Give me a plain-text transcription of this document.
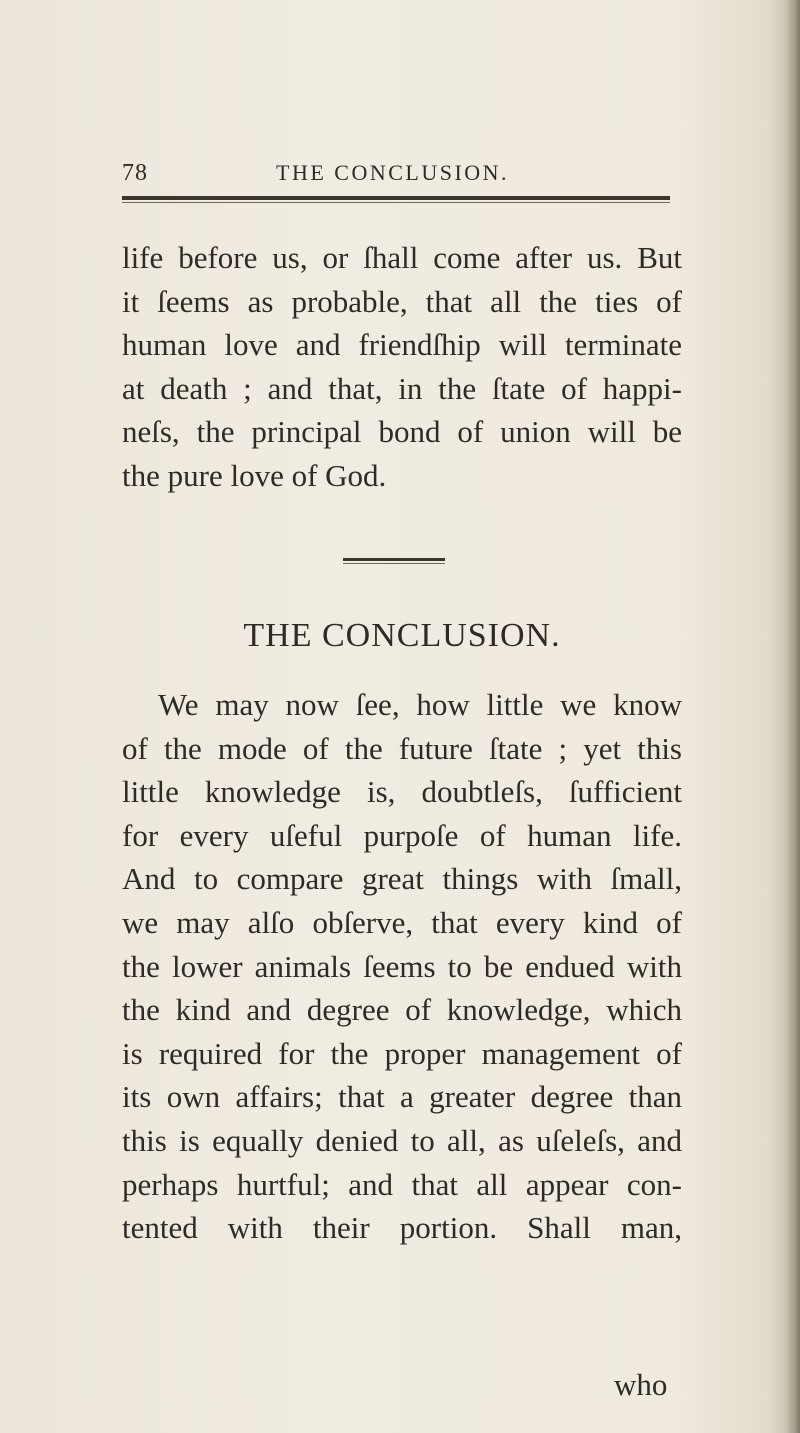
78	THE CONCLUSION.
life before us, or ſhall come after us. But
it ſeems as probable, that all the ties of
human love and friendſhip will terminate
at death ; and that, in the ſtate of happi-
neſs, the principal bond of union will be
the pure love of God.
THE CONCLUSION.
We may now ſee, how little we know
of the mode of the future ſtate ; yet this
little knowledge is, doubtleſs, ſufficient
for every uſeful purpoſe of human life.
And to compare great things with ſmall,
we may alſo obſerve, that every kind of
the lower animals ſeems to be endued with
the kind and degree of knowledge, which
is required for the proper management of
its own affairs; that a greater degree than
this is equally denied to all, as uſeleſs, and
perhaps hurtful; and that all appear con-
tented with their portion. Shall man,
who
